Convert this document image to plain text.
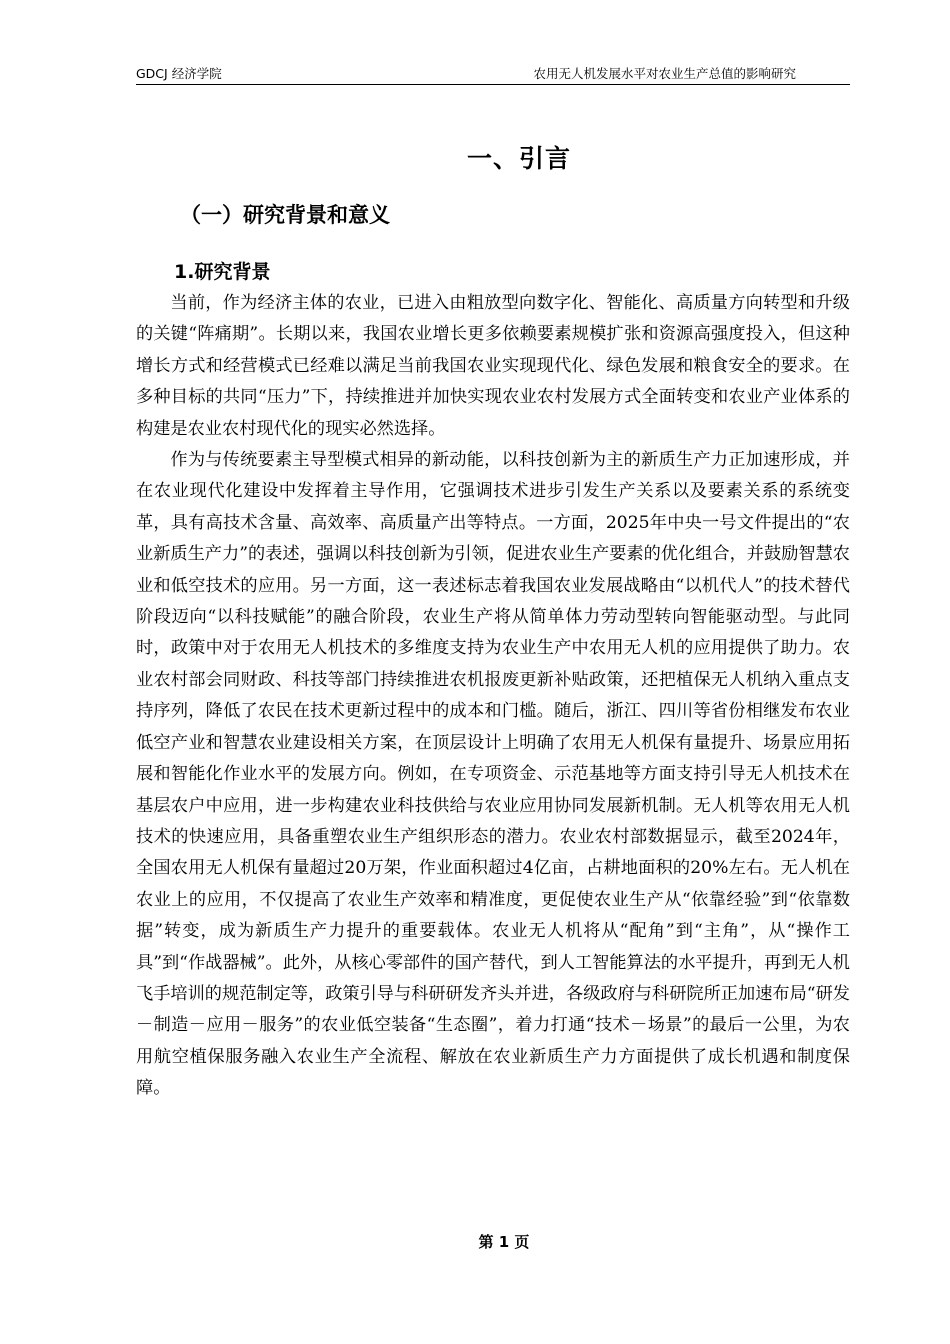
GDCJ 经济学院	农用无人机发展水平对农业生产总值的影响研究
一、引言
（一）研究背景和意义
1.研究背景

当前，作为经济主体的农业，已进入由粗放型向数字化、智能化、高质量方向转型和升级的关键“阵痛期”。长期以来，我国农业增长更多依赖要素规模扩张和资源高强度投入，但这种增长方式和经营模式已经难以满足当前我国农业实现现代化、绿色发展和粮食安全的要求。在多种目标的共同“压力”下，持续推进并加快实现农业农村发展方式全面转变和农业产业体系的构建是农业农村现代化的现实必然选择。

作为与传统要素主导型模式相异的新动能，以科技创新为主的新质生产力正加速形成，并在农业现代化建设中发挥着主导作用，它强调技术进步引发生产关系以及要素关系的系统变革，具有高技术含量、高效率、高质量产出等特点。一方面，2025年中央一号文件提出的“农业新质生产力”的表述，强调以科技创新为引领，促进农业生产要素的优化组合，并鼓励智慧农业和低空技术的应用。另一方面，这一表述标志着我国农业发展战略由“以机代人”的技术替代阶段迈向“以科技赋能”的融合阶段，农业生产将从简单体力劳动型转向智能驱动型。与此同时，政策中对于农用无人机技术的多维度支持为农业生产中农用无人机的应用提供了助力。农业农村部会同财政、科技等部门持续推进农机报废更新补贴政策，还把植保无人机纳入重点支持序列，降低了农民在技术更新过程中的成本和门槛。随后，浙江、四川等省份相继发布农业低空产业和智慧农业建设相关方案，在顶层设计上明确了农用无人机保有量提升、场景应用拓展和智能化作业水平的发展方向。例如，在专项资金、示范基地等方面支持引导无人机技术在基层农户中应用，进一步构建农业科技供给与农业应用协同发展新机制。无人机等农用无人机技术的快速应用，具备重塑农业生产组织形态的潜力。农业农村部数据显示，截至2024年，全国农用无人机保有量超过20万架，作业面积超过4亿亩，占耕地面积的20%左右。无人机在农业上的应用，不仅提高了农业生产效率和精准度，更促使农业生产从“依靠经验”到“依靠数据”转变，成为新质生产力提升的重要载体。农业无人机将从“配角”到“主角”，从“操作工具”到“作战器械”。此外，从核心零部件的国产替代，到人工智能算法的水平提升，再到无人机飞手培训的规范制定等，政策引导与科研研发齐头并进，各级政府与科研院所正加速布局“研发－制造－应用－服务”的农业低空装备“生态圈”，着力打通“技术－场景”的最后一公里，为农用航空植保服务融入农业生产全流程、解放在农业新质生产力方面提供了成长机遇和制度保障。

第 1 页
